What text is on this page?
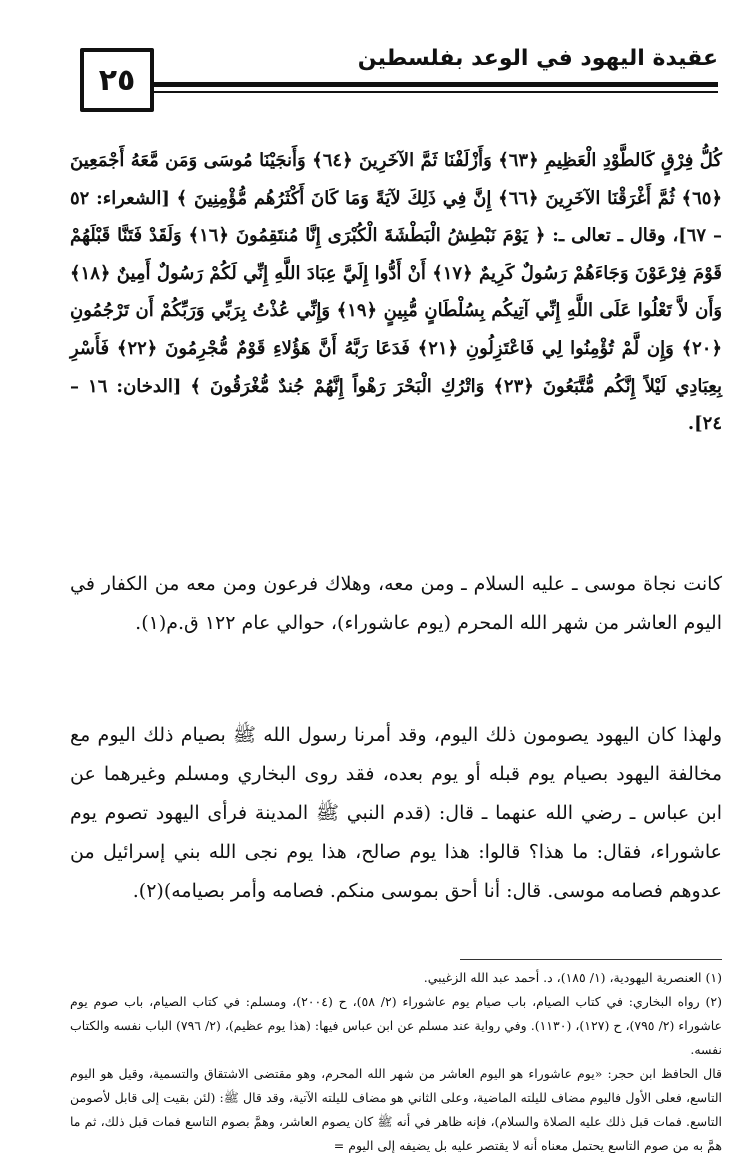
٢٥
عقيدة اليهود في الوعد بفلسطين

كُلُّ فِرْقٍ كَالطَّوْدِ الْعَظِيمِ ﴿٦٣﴾ وَأَزْلَفْنَا ثَمَّ الآخَرِينَ ﴿٦٤﴾ وَأَنجَيْنَا مُوسَى وَمَن مَّعَهُ أَجْمَعِينَ ﴿٦٥﴾ ثُمَّ أَغْرَقْنَا الآخَرِينَ ﴿٦٦﴾ إِنَّ فِي ذَلِكَ لآيَةً وَمَا كَانَ أَكْثَرُهُم مُّؤْمِنِينَ ﴾ [الشعراء: ٥٢ – ٦٧]، وقال ـ تعالى ـ: ﴿ يَوْمَ نَبْطِشُ الْبَطْشَةَ الْكُبْرَى إِنَّا مُنتَقِمُونَ ﴿١٦﴾ وَلَقَدْ فَتَنَّا قَبْلَهُمْ قَوْمَ فِرْعَوْنَ وَجَاءَهُمْ رَسُولٌ كَرِيمٌ ﴿١٧﴾ أَنْ أَدُّوا إِلَيَّ عِبَادَ اللَّهِ إِنِّي لَكُمْ رَسُولٌ أَمِينٌ ﴿١٨﴾ وَأَن لاَّ تَعْلُوا عَلَى اللَّهِ إِنِّي آتِيكُم بِسُلْطَانٍ مُّبِينٍ ﴿١٩﴾ وَإِنِّي عُذْتُ بِرَبِّي وَرَبِّكُمْ أَن تَرْجُمُونِ ﴿٢٠﴾ وَإِن لَّمْ تُؤْمِنُوا لِي فَاعْتَزِلُونِ ﴿٢١﴾ فَدَعَا رَبَّهُ أَنَّ هَؤُلاءِ قَوْمٌ مُّجْرِمُونَ ﴿٢٢﴾ فَأَسْرِ بِعِبَادِي لَيْلاً إِنَّكُم مُّتَّبَعُونَ ﴿٢٣﴾ وَاتْرُكِ الْبَحْرَ رَهْواً إِنَّهُمْ جُندٌ مُّغْرَقُونَ ﴾ [الدخان: ١٦ – ٢٤].

كانت نجاة موسى ـ عليه السلام ـ ومن معه، وهلاك فرعون ومن معه من الكفار في اليوم العاشر من شهر الله المحرم (يوم عاشوراء)، حوالي عام ١٢٢ ق.م(١).

ولهذا كان اليهود يصومون ذلك اليوم، وقد أمرنا رسول الله ﷺ بصيام ذلك اليوم مع مخالفة اليهود بصيام يوم قبله أو يوم بعده، فقد روى البخاري ومسلم وغيرهما عن ابن عباس ـ رضي الله عنهما ـ قال: (قدم النبي ﷺ المدينة فرأى اليهود تصوم يوم عاشوراء، فقال: ما هذا؟ قالوا: هذا يوم صالح، هذا يوم نجى الله بني إسرائيل من عدوهم فصامه موسى. قال: أنا أحق بموسى منكم. فصامه وأمر بصيامه)(٢).

(١) العنصرية اليهودية، (١/ ١٨٥)، د. أحمد عبد الله الزغيبي.

(٢) رواه البخاري: في كتاب الصيام، باب صيام يوم عاشوراء (٢/ ٥٨)، ح (٢٠٠٤)، ومسلم: في كتاب الصيام، باب صوم يوم عاشوراء (٢/ ٧٩٥)، ح (١٢٧)، (١١٣٠). وفي رواية عند مسلم عن ابن عباس فيها: (هذا يوم عظيم)، (٢/ ٧٩٦) الباب نفسه والكتاب نفسه.

قال الحافظ ابن حجر: «يوم عاشوراء هو اليوم العاشر من شهر الله المحرم، وهو مقتضى الاشتقاق والتسمية، وقيل هو اليوم التاسع، فعلى الأول فاليوم مضاف لليلته الماضية، وعلى الثاني هو مضاف لليلته الآتية، وقد قال ﷺ: (لئن بقيت إلى قابل لأصومن التاسع. فمات قبل ذلك عليه الصلاة والسلام)، فإنه ظاهر في أنه ﷺ كان يصوم العاشر، وهمَّ بصوم التاسع فمات قبل ذلك، ثم ما همَّ به من صوم التاسع يحتمل معناه أنه لا يقتصر عليه بل يضيفه إلى اليوم =
